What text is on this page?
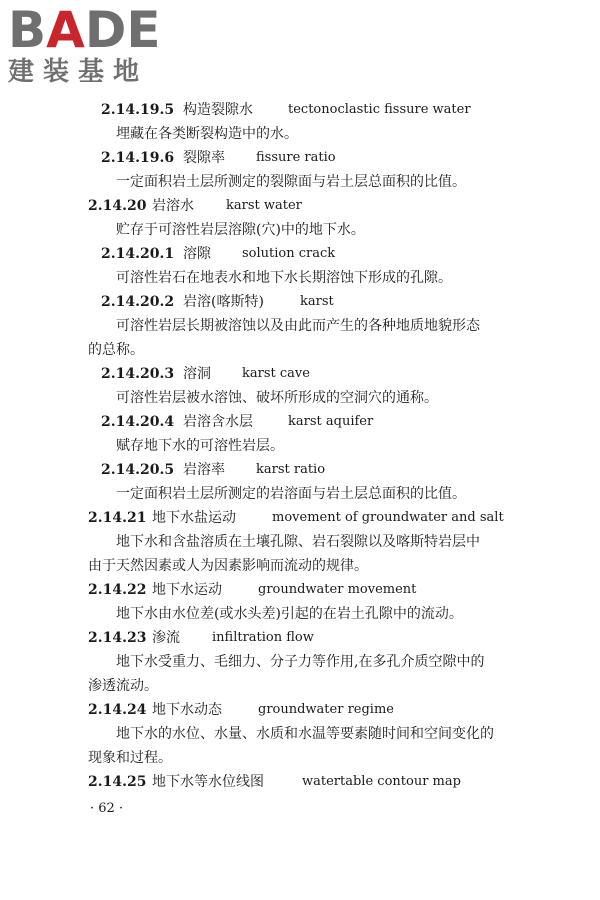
BADE
建装基地
2.14.19.5 构造裂隙水	tectonoclastic fissure water
埋藏在各类断裂构造中的水。
2.14.19.6 裂隙率 fissure ratio
一定面积岩土层所测定的裂隙面与岩土层总面积的比值。
2.14.20 岩溶水 karst water
贮存于可溶性岩层溶隙(穴)中的地下水。
2.14.20.1 溶隙 solution crack
可溶性岩石在地表水和地下水长期溶蚀下形成的孔隙。
2.14.20.2 岩溶(喀斯特)	karst
可溶性岩层长期被溶蚀以及由此而产生的各种地质地貌形态
的总称。
2.14.20.3 溶洞 karst cave
可溶性岩层被水溶蚀、破坏所形成的空洞穴的通称。
2.14.20.4 岩溶含水层	karst aquifer
赋存地下水的可溶性岩层。
2.14.20.5 岩溶率 karst ratio
一定面积岩土层所测定的岩溶面与岩土层总面积的比值。
2.14.21 地下水盐运动	movement of groundwater and salt
地下水和含盐溶质在土壤孔隙、岩石裂隙以及喀斯特岩层中
由于天然因素或人为因素影响而流动的规律。
2.14.22 地下水运动	groundwater movement
地下水由水位差(或水头差)引起的在岩土孔隙中的流动。
2.14.23 渗流 infiltration flow
地下水受重力、毛细力、分子力等作用,在多孔介质空隙中的
渗透流动。
2.14.24 地下水动态	groundwater regime
地下水的水位、水量、水质和水温等要素随时间和空间变化的
现象和过程。
2.14.25 地下水等水位线图	watertable contour map
· 62 ·
